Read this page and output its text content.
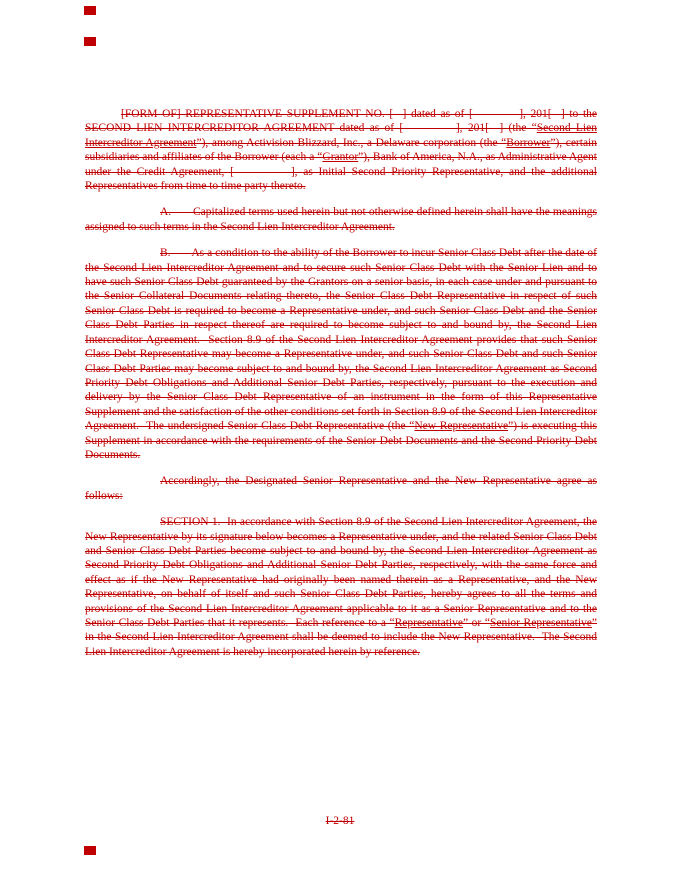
[FORM OF] REPRESENTATIVE SUPPLEMENT NO. [  ] dated as of [          ], 201[  ] to the SECOND LIEN INTERCREDITOR AGREEMENT dated as of [          ], 201[  ] (the “Second Lien Intercreditor Agreement”), among Activision Blizzard, Inc., a Delaware corporation (the “Borrower”), certain subsidiaries and affiliates of the Borrower (each a “Grantor”), Bank of America, N.A., as Administrative Agent under the Credit Agreement, [          ], as Initial Second Priority Representative, and the additional Representatives from time to time party thereto.
A.       Capitalized terms used herein but not otherwise defined herein shall have the meanings assigned to such terms in the Second Lien Intercreditor Agreement.
B.       As a condition to the ability of the Borrower to incur Senior Class Debt after the date of the Second Lien Intercreditor Agreement and to secure such Senior Class Debt with the Senior Lien and to have such Senior Class Debt guaranteed by the Grantors on a senior basis, in each case under and pursuant to the Senior Collateral Documents relating thereto, the Senior Class Debt Representative in respect of such Senior Class Debt is required to become a Representative under, and such Senior Class Debt and the Senior Class Debt Parties in respect thereof are required to become subject to and bound by, the Second Lien Intercreditor Agreement.  Section 8.9 of the Second Lien Intercreditor Agreement provides that such Senior Class Debt Representative may become a Representative under, and such Senior Class Debt and such Senior Class Debt Parties may become subject to and bound by, the Second Lien Intercreditor Agreement as Second Priority Debt Obligations and Additional Senior Debt Parties, respectively, pursuant to the execution and delivery by the Senior Class Debt Representative of an instrument in the form of this Representative Supplement and the satisfaction of the other conditions set forth in Section 8.9 of the Second Lien Intercreditor Agreement.  The undersigned Senior Class Debt Representative (the “New Representative”) is executing this Supplement in accordance with the requirements of the Senior Debt Documents and the Second Priority Debt Documents.
Accordingly, the Designated Senior Representative and the New Representative agree as follows:
SECTION 1.  In accordance with Section 8.9 of the Second Lien Intercreditor Agreement, the New Representative by its signature below becomes a Representative under, and the related Senior Class Debt and Senior Class Debt Parties become subject to and bound by, the Second Lien Intercreditor Agreement as Second Priority Debt Obligations and Additional Senior Debt Parties, respectively, with the same force and effect as if the New Representative had originally been named therein as a Representative, and the New Representative, on behalf of itself and such Senior Class Debt Parties, hereby agrees to all the terms and provisions of the Second Lien Intercreditor Agreement applicable to it as a Senior Representative and to the Senior Class Debt Parties that it represents.  Each reference to a “Representative” or “Senior Representative” in the Second Lien Intercreditor Agreement shall be deemed to include the New Representative.  The Second Lien Intercreditor Agreement is hereby incorporated herein by reference.
I-2-81
